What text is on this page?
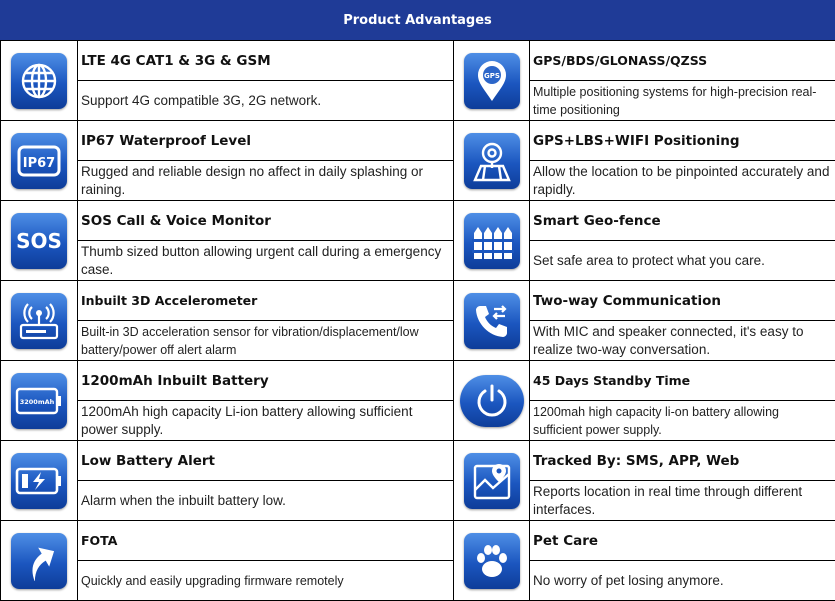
Product Advantages
	LTE 4G CAT1 & 3G & GSM	GPS	GPS/BDS/GLONASS/QZSS

	Support 4G compatible 3G, 2G network.		Multiple positioning systems for high-precision real-time positioning

IP67	IP67 Waterproof Level		GPS+LBS+WIFI Positioning

	Rugged and reliable design no affect in daily splashing or raining.		Allow the location to be pinpointed accurately and rapidly.

SOS	SOS Call & Voice Monitor		Smart Geo-fence

	Thumb sized button allowing urgent call during a emergency case.		Set safe area to protect what you care.

	Inbuilt 3D Accelerometer		Two-way Communication

	Built-in 3D acceleration sensor for vibration/displacement/low battery/power off alert alarm		With MIC and speaker connected, it's easy to realize two-way conversation.

3200mAh	1200mAh Inbuilt Battery		45 Days Standby Time

	1200mAh high capacity Li-ion battery allowing sufficient power supply.		1200mah high capacity li-on battery allowing sufficient power supply.

	Low Battery Alert		Tracked By: SMS, APP, Web

	Alarm when the inbuilt battery low.		Reports location in real time through different interfaces.

	FOTA		Pet Care

	Quickly and easily upgrading firmware remotely		No worry of pet losing anymore.
